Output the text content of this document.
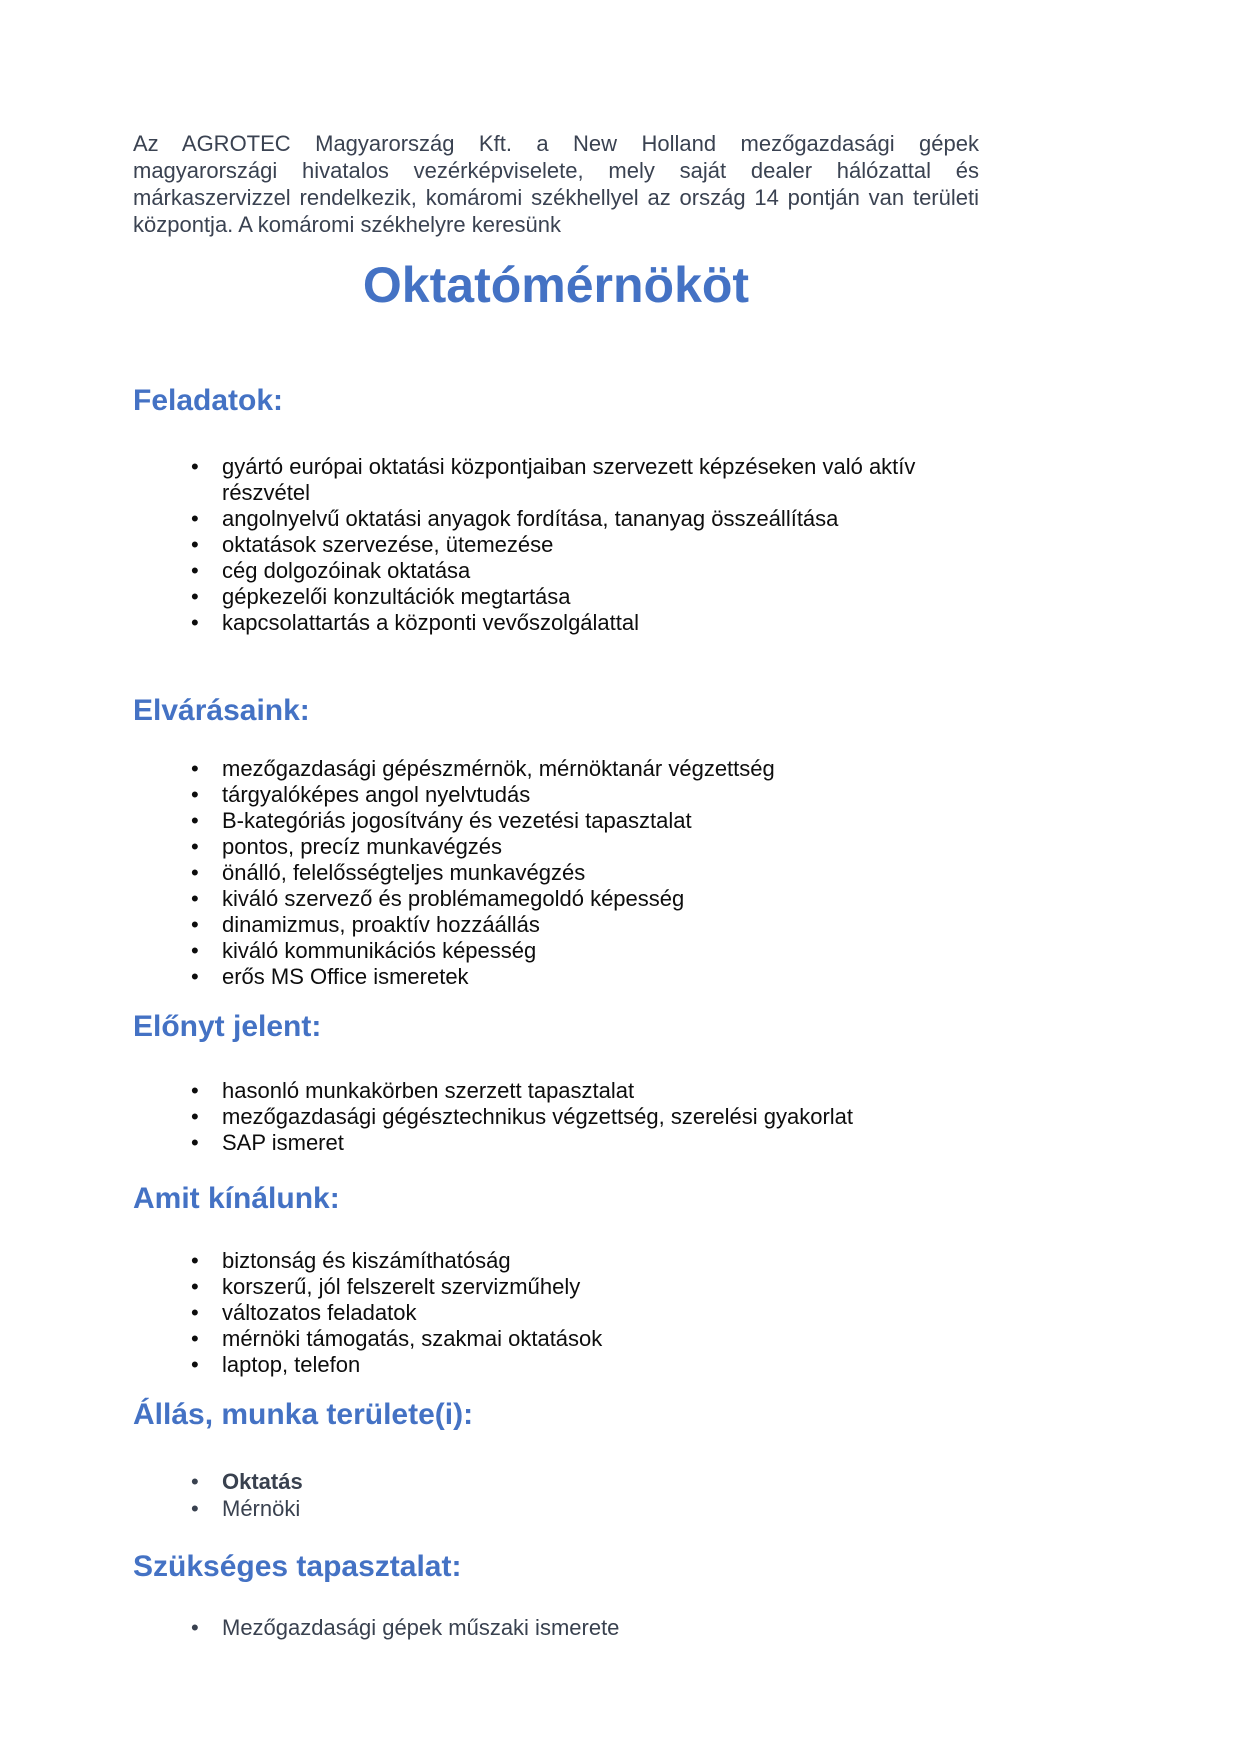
Az AGROTEC Magyarország Kft. a New Holland mezőgazdasági gépek magyarországi hivatalos vezérképviselete, mely saját dealer hálózattal és márkaszervizzel rendelkezik, komáromi székhellyel az ország 14 pontján van területi központja. A komáromi székhelyre keresünk

Oktatómérnököt
Feladatok:
gyártó európai oktatási központjaiban szervezett képzéseken való aktív részvétel
angolnyelvű oktatási anyagok fordítása, tananyag összeállítása
oktatások szervezése, ütemezése
cég dolgozóinak oktatása
gépkezelői konzultációk megtartása
kapcsolattartás a központi vevőszolgálattal
Elvárásaink:
mezőgazdasági gépészmérnök, mérnöktanár végzettség
tárgyalóképes angol nyelvtudás
B-kategóriás jogosítvány és vezetési tapasztalat
pontos, precíz munkavégzés
önálló, felelősségteljes munkavégzés
kiváló szervező és problémamegoldó képesség
dinamizmus, proaktív hozzáállás
kiváló kommunikációs képesség
erős MS Office ismeretek
Előnyt jelent:
hasonló munkakörben szerzett tapasztalat
mezőgazdasági gégésztechnikus végzettség, szerelési gyakorlat
SAP ismeret
Amit kínálunk:
biztonság és kiszámíthatóság
korszerű, jól felszerelt szervizműhely
változatos feladatok
mérnöki támogatás, szakmai oktatások
laptop, telefon
Állás, munka területe(i):
Oktatás
Mérnöki
Szükséges tapasztalat:
Mezőgazdasági gépek műszaki ismerete
